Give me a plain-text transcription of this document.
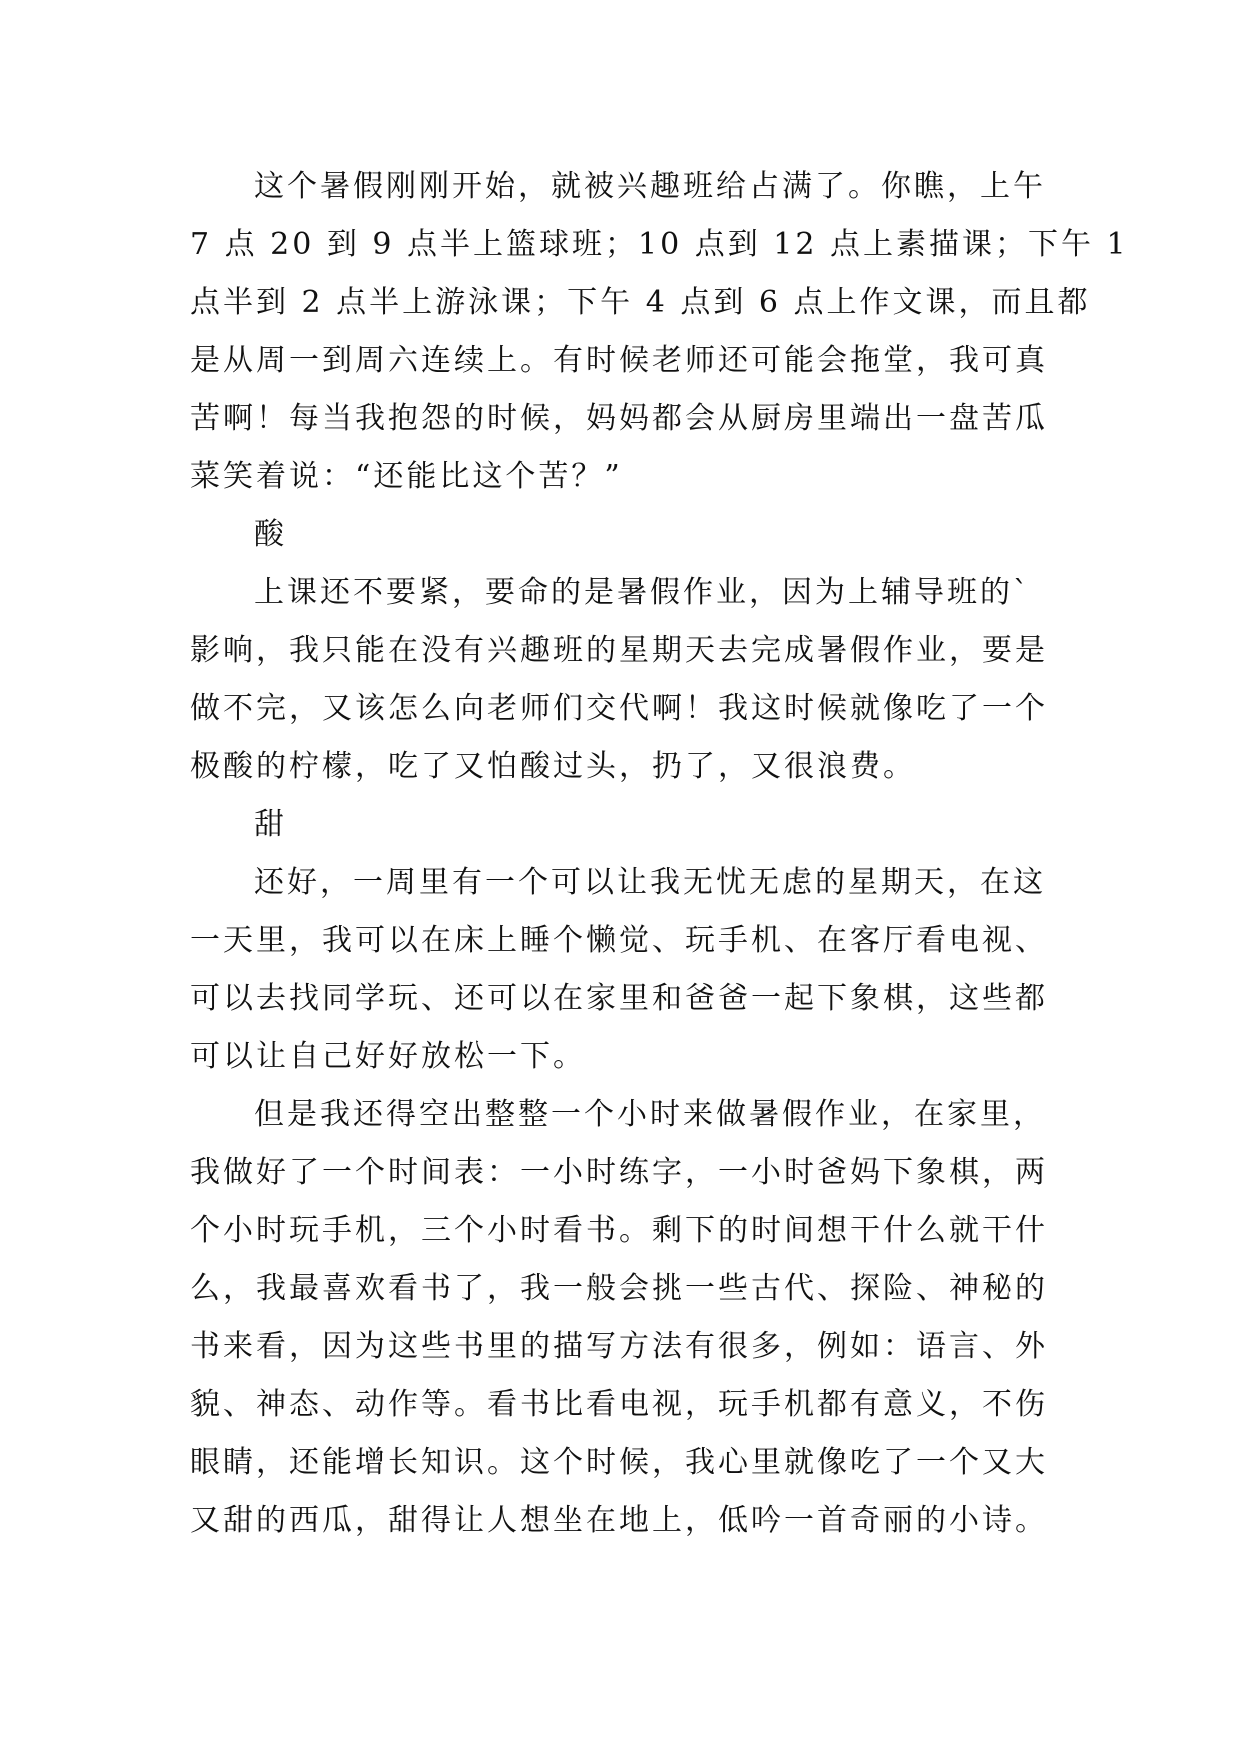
这个暑假刚刚开始，就被兴趣班给占满了。你瞧，上午
7 点 20 到 9 点半上篮球班；10 点到 12 点上素描课；下午 1
点半到 2 点半上游泳课；下午 4 点到 6 点上作文课，而且都
是从周一到周六连续上。有时候老师还可能会拖堂，我可真
苦啊！每当我抱怨的时候，妈妈都会从厨房里端出一盘苦瓜
菜笑着说：“还能比这个苦？”
酸
上课还不要紧，要命的是暑假作业，因为上辅导班的`
影响，我只能在没有兴趣班的星期天去完成暑假作业，要是
做不完，又该怎么向老师们交代啊！我这时候就像吃了一个
极酸的柠檬，吃了又怕酸过头，扔了，又很浪费。
甜
还好，一周里有一个可以让我无忧无虑的星期天，在这
一天里，我可以在床上睡个懒觉、玩手机、在客厅看电视、
可以去找同学玩、还可以在家里和爸爸一起下象棋，这些都
可以让自己好好放松一下。
但是我还得空出整整一个小时来做暑假作业，在家里，
我做好了一个时间表：一小时练字，一小时爸妈下象棋，两
个小时玩手机，三个小时看书。剩下的时间想干什么就干什
么，我最喜欢看书了，我一般会挑一些古代、探险、神秘的
书来看，因为这些书里的描写方法有很多，例如：语言、外
貌、神态、动作等。看书比看电视，玩手机都有意义，不伤
眼睛，还能增长知识。这个时候，我心里就像吃了一个又大
又甜的西瓜，甜得让人想坐在地上，低吟一首奇丽的小诗。
